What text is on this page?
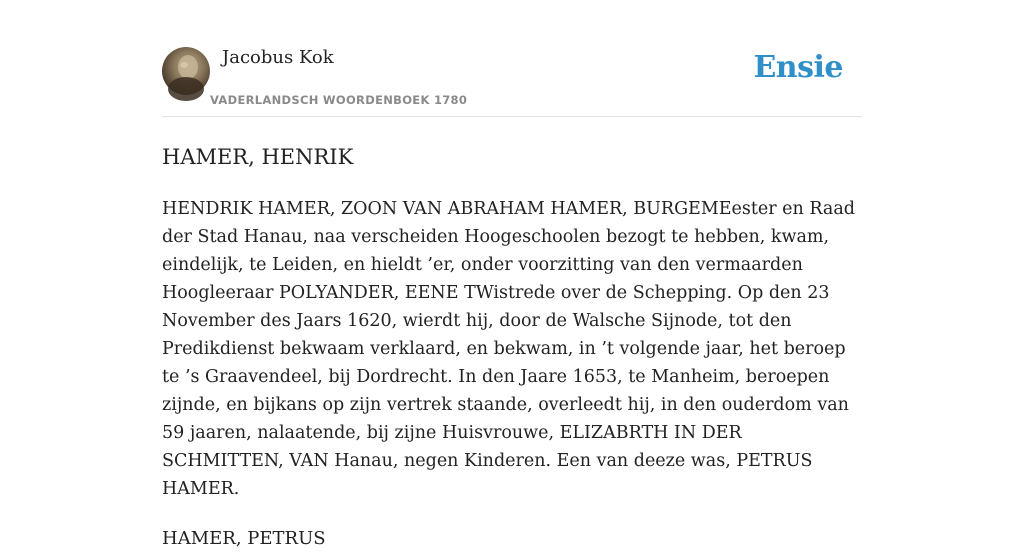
Jacobus Kok
VADERLANDSCH WOORDENBOEK 1780
Ensie
HAMER, HENRIK

HENDRIK HAMER, ZOON VAN ABRAHAM HAMER, BURGEMEester en Raad der Stad Hanau, naa verscheiden Hoogeschoolen bezogt te hebben, kwam, eindelijk, te Leiden, en hieldt ’er, onder voorzitting van den vermaarden Hoogleeraar POLYANDER, EENE TWistrede over de Schepping. Op den 23 November des Jaars 1620, wierdt hij, door de Walsche Sijnode, tot den Predikdienst bekwaam verklaard, en bekwam, in ’t volgende jaar, het beroep te ’s Graavendeel, bij Dordrecht. In den Jaare 1653, te Manheim, beroepen zijnde, en bijkans op zijn vertrek staande, overleedt hij, in den ouderdom van 59 jaaren, nalaatende, bij zijne Huisvrouwe, ELIZABRTH IN DER SCHMITTEN, VAN Hanau, negen Kinderen. Een van deeze was, PETRUS HAMER.

HAMER, PETRUS
